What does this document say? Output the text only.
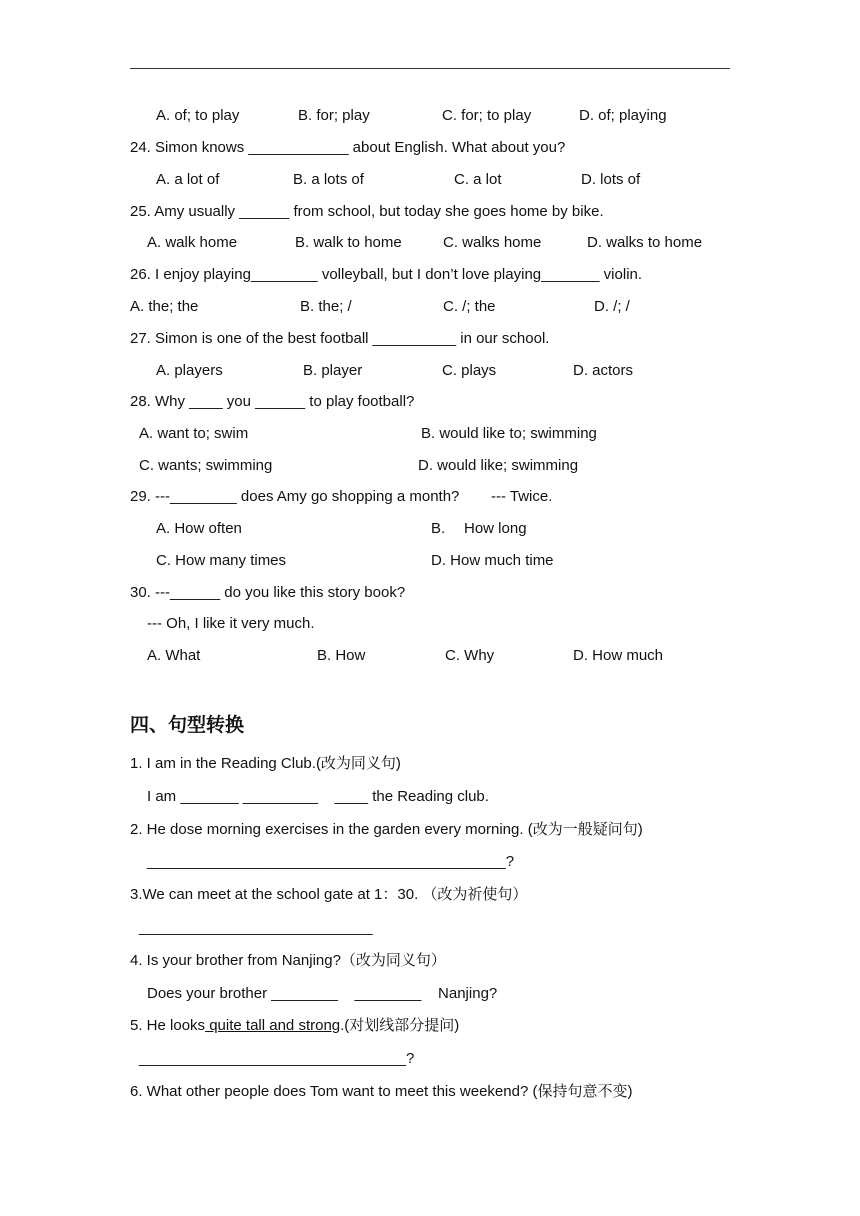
A. of; to play	B. for; play	C. for; to play	D. of; playing
24. Simon knows ____________ about English. What about you?
A. a lot of	B. a lots of	C. a lot	D. lots of
25. Amy usually ______ from school, but today she goes home by bike.
A. walk home	B. walk to home	C. walks home	D. walks to home
26. I enjoy playing________ volleyball, but I don’t love playing_______ violin.
A. the; the	B. the; /	C. /; the	D. /; /
27. Simon is one of the best football __________ in our school.
A. players	B. player	C. plays	D. actors
28. Why ____ you ______ to play football?
A. want to; swim	B. would like to; swimming
C. wants; swimming	D. would like; swimming
29. ---________ does Amy go shopping a month? --- Twice.
A. How often	B. How long
C. How many times	D. How much time
30. ---______ do you like this story book?
--- Oh, I like it very much.
A. What	B. How	C. Why	D. How much
四、句型转换
1. I am in the Reading Club.(改为同义句)
I am _______ _________    ____ the Reading club.
2. He dose morning exercises in the garden every morning. (改为一般疑问句)
___________________________________________?
3.We can meet at the school gate at 1：30. （改为祈使句）
____________________________
4. Is your brother from Nanjing?（改为同义句）
Does your brother ________    ________    Nanjing?
5. He looks quite tall and strong.(对划线部分提问)
________________________________?
6. What other people does Tom want to meet this weekend? (保持句意不变)
